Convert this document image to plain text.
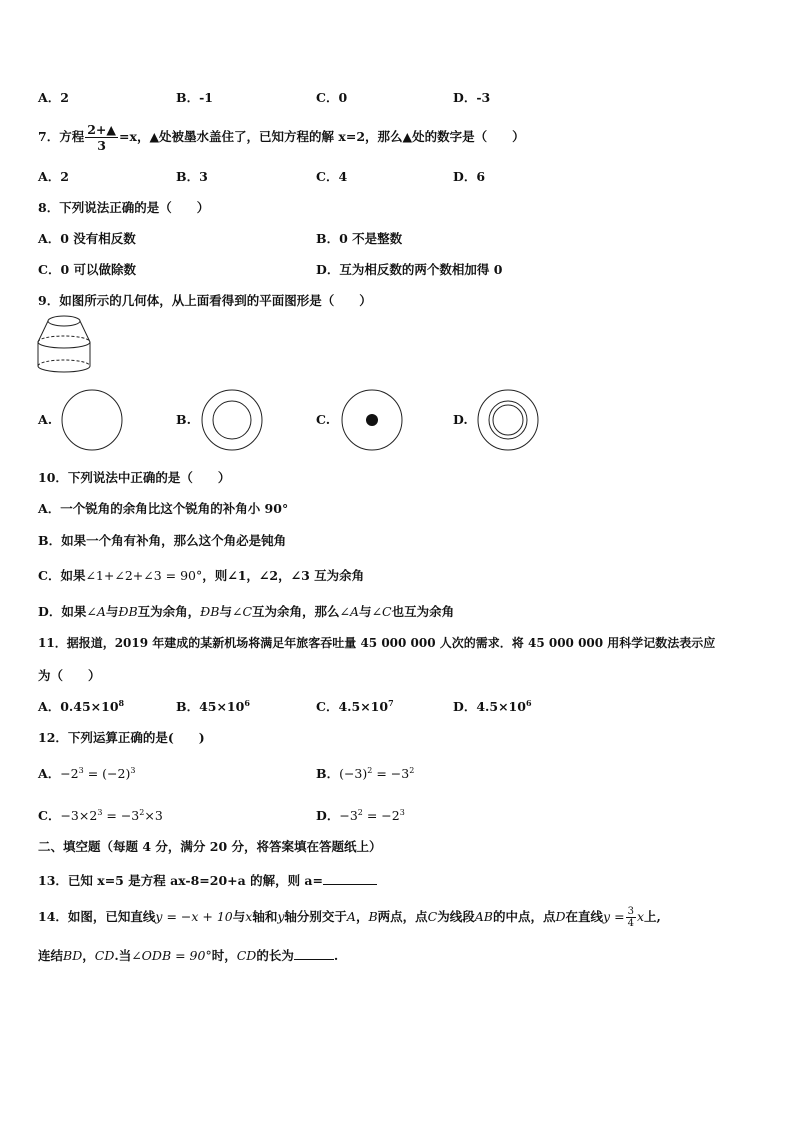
A．2	B．-1	C．0	D．-3
7．方程 $\frac{2+▲}{3} =x$，▲处被墨水盖住了，已知方程的解 x=2，那么▲处的数字是（　　）
A．2	B．3	C．4	D．6
8．下列说法正确的是（　　）
A．0 没有相反数	B．0 不是整数
C．0 可以做除数	D．互为相反数的两个数相加得 0
9．如图所示的几何体，从上面看得到的平面图形是（　　）
A.	B.	C.	D.
10．下列说法中正确的是（　　）
A．一个锐角的余角比这个锐角的补角小 90°
B．如果一个角有补角，那么这个角必是钝角
C．如果∠1+∠2+∠3 = 90°，则∠1，∠2，∠3 互为余角
D．如果∠A与ÐB互为余角，ÐB与∠C互为余角，那么∠A与∠C也互为余角
11．据报道，2019 年建成的某新机场将满足年旅客吞吐量 45 000 000 人次的需求．将 45 000 000 用科学记数法表示应
为（　　）
A．$0.45\times 10^8$	B．$45\times 10^6$	C．$4.5\times 10^7$	D．$4.5\times 10^6$
12．下列运算正确的是(　　)
A．$-2^3 = (-2)^3$	B．$(-3)^2 = -3^2$
C．$-3\times 2^3 = -3^2\times 3$	D．$-3^2 = -2^3$
二、填空题（每题 4 分，满分 20 分，将答案填在答题纸上）
13．已知 x=5 是方程 ax-8=20+a 的解，则 a=
14．如图，已知直线y = −x + 10与x轴和y轴分别交于A，B两点，点C为线段AB的中点，点D在直线$y = \frac{3}{4}$ x上,
连结BD，CD.当∠ODB = 90°时，CD的长为	.
